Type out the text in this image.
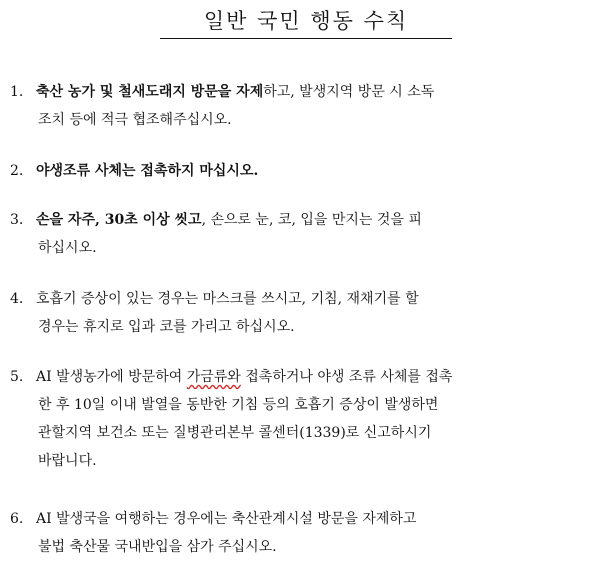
일반 국민 행동 수칙
1. 축산 농가 및 철새도래지 방문을 자제하고, 발생지역 방문 시 소독
조치 등에 적극 협조해주십시오.
2. 야생조류 사체는 접촉하지 마십시오.
3. 손을 자주, 30초 이상 씻고, 손으로 눈, 코, 입을 만지는 것을 피
하십시오.
4. 호흡기 증상이 있는 경우는 마스크를 쓰시고, 기침, 재채기를 할
경우는 휴지로 입과 코를 가리고 하십시오.
5. AI 발생농가에 방문하여 가금류와 접촉하거나 야생 조류 사체를 접촉
한 후 10일 이내 발열을 동반한 기침 등의 호흡기 증상이 발생하면
관할지역 보건소 또는 질병관리본부 콜센터(1339)로 신고하시기
바랍니다.
6. AI 발생국을 여행하는 경우에는 축산관계시설 방문을 자제하고
불법 축산물 국내반입을 삼가 주십시오.
